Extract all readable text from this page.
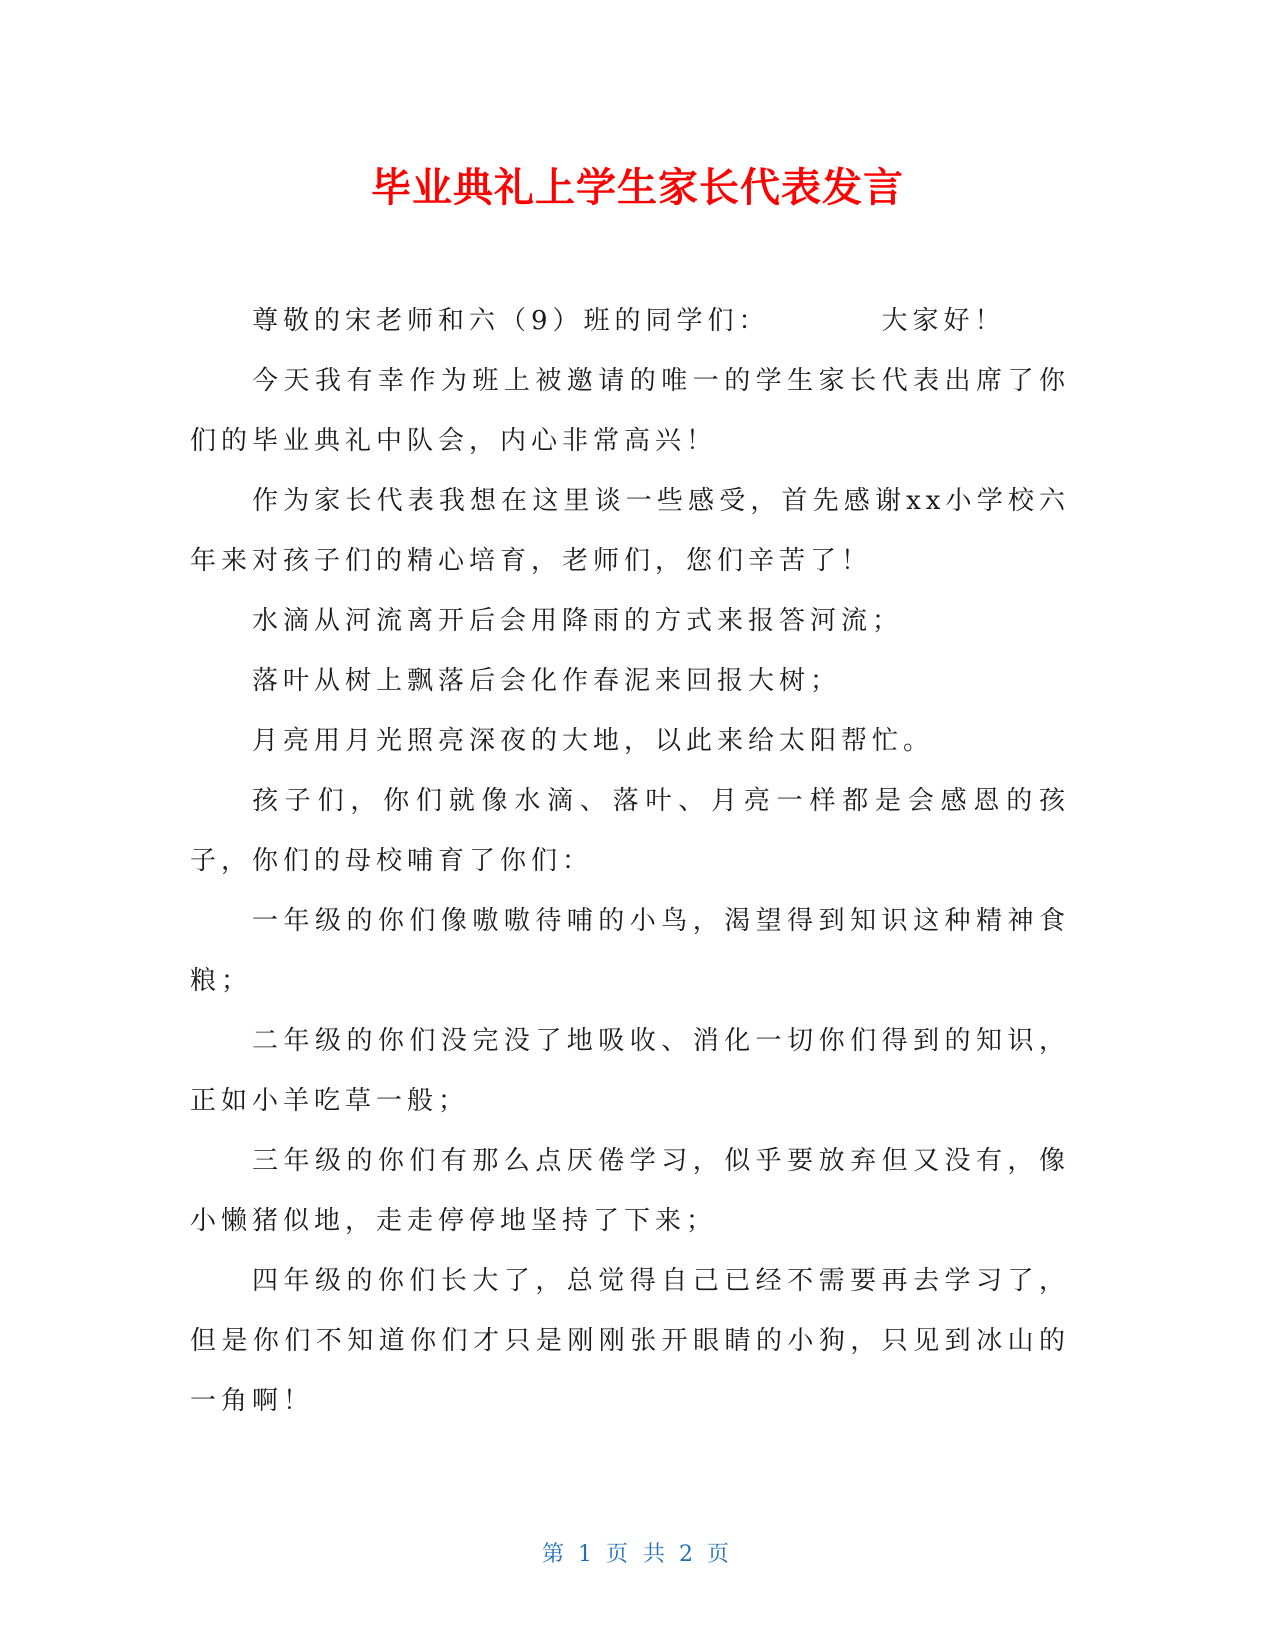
毕业典礼上学生家长代表发言

尊敬的宋老师和六（9）班的同学们：	大家好！

今天我有幸作为班上被邀请的唯一的学生家长代表出席了你们的毕业典礼中队会，内心非常高兴！

作为家长代表我想在这里谈一些感受，首先感谢xx小学校六年来对孩子们的精心培育，老师们，您们辛苦了！

水滴从河流离开后会用降雨的方式来报答河流；

落叶从树上飘落后会化作春泥来回报大树；

月亮用月光照亮深夜的大地，以此来给太阳帮忙。

孩子们，你们就像水滴、落叶、月亮一样都是会感恩的孩子，你们的母校哺育了你们：

一年级的你们像嗷嗷待哺的小鸟，渴望得到知识这种精神食粮；

二年级的你们没完没了地吸收、消化一切你们得到的知识，正如小羊吃草一般；

三年级的你们有那么点厌倦学习，似乎要放弃但又没有，像小懒猪似地，走走停停地坚持了下来；

四年级的你们长大了，总觉得自己已经不需要再去学习了，但是你们不知道你们才只是刚刚张开眼睛的小狗，只见到冰山的一角啊！

第 1 页 共 2 页
